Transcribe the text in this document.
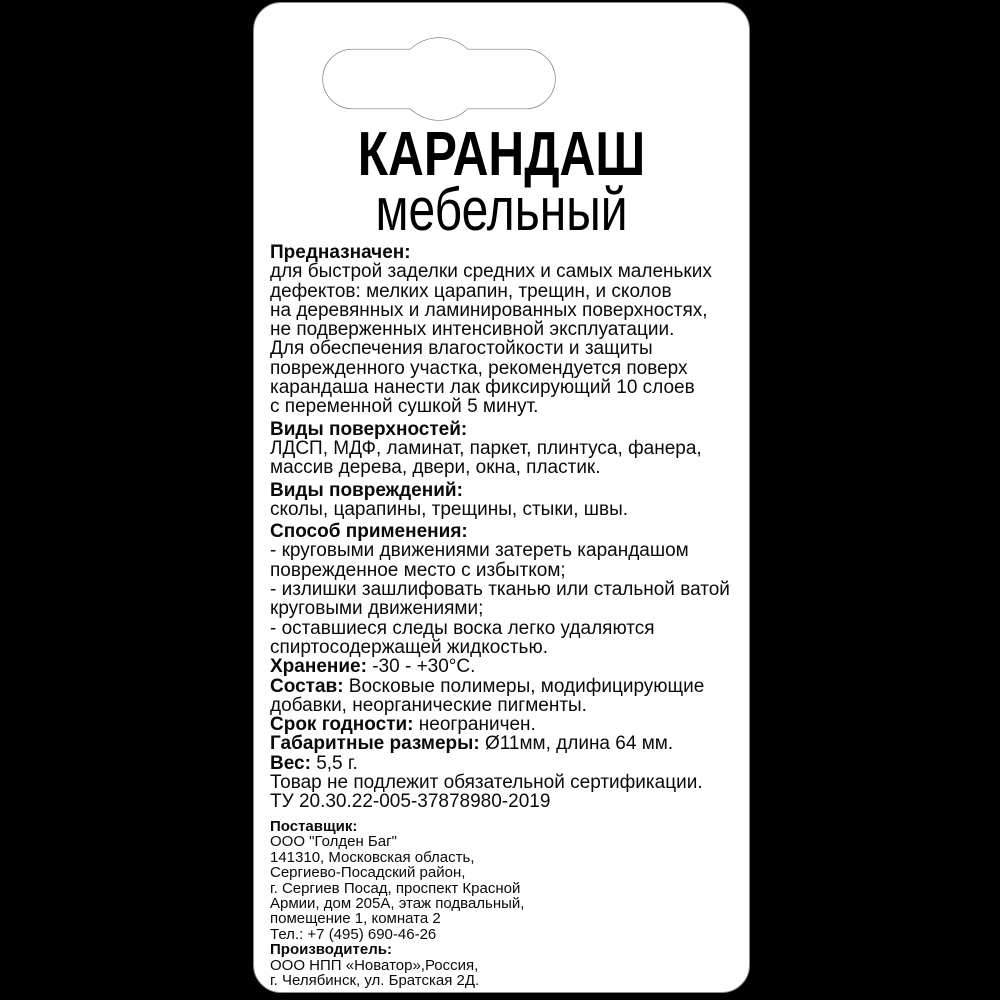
КАРАНДАШ
мебельный
Предназначен:
для быстрой заделки средних и самых маленьких
дефектов: мелких царапин, трещин, и сколов
на деревянных и ламинированных поверхностях,
не подверженных интенсивной эксплуатации.
Для обеспечения влагостойкости и защиты
поврежденного участка, рекомендуется поверх
карандаша нанести лак фиксирующий 10 слоев
с переменной сушкой 5 минут.
Виды поверхностей:
ЛДСП, МДФ, ламинат, паркет, плинтуса, фанера,
массив дерева, двери, окна, пластик.
Виды повреждений:
сколы, царапины, трещины, стыки, швы.
Способ применения:
- круговыми движениями затереть карандашом
поврежденное место с избытком;
- излишки зашлифовать тканью или стальной ватой
круговыми движениями;
- оставшиеся следы воска легко удаляются
спиртосодержащей жидкостью.
Хранение: -30 - +30°С.
Состав: Восковые полимеры, модифицирующие
добавки, неорганические пигменты.
Срок годности: неограничен.
Габаритные размеры: Ø11мм, длина 64 мм.
Вес: 5,5 г.
Товар не подлежит обязательной сертификации.
ТУ 20.30.22-005-37878980-2019
Поставщик:
ООО "Голден Баг"
141310, Московская область,
Сергиево-Посадский район,
г. Сергиев Посад, проспект Красной
Армии, дом 205А, этаж подвальный,
помещение 1, комната 2
Тел.: +7 (495) 690-46-26
Производитель:
ООО НПП «Новатор»,Россия,
г. Челябинск, ул. Братская 2Д.
